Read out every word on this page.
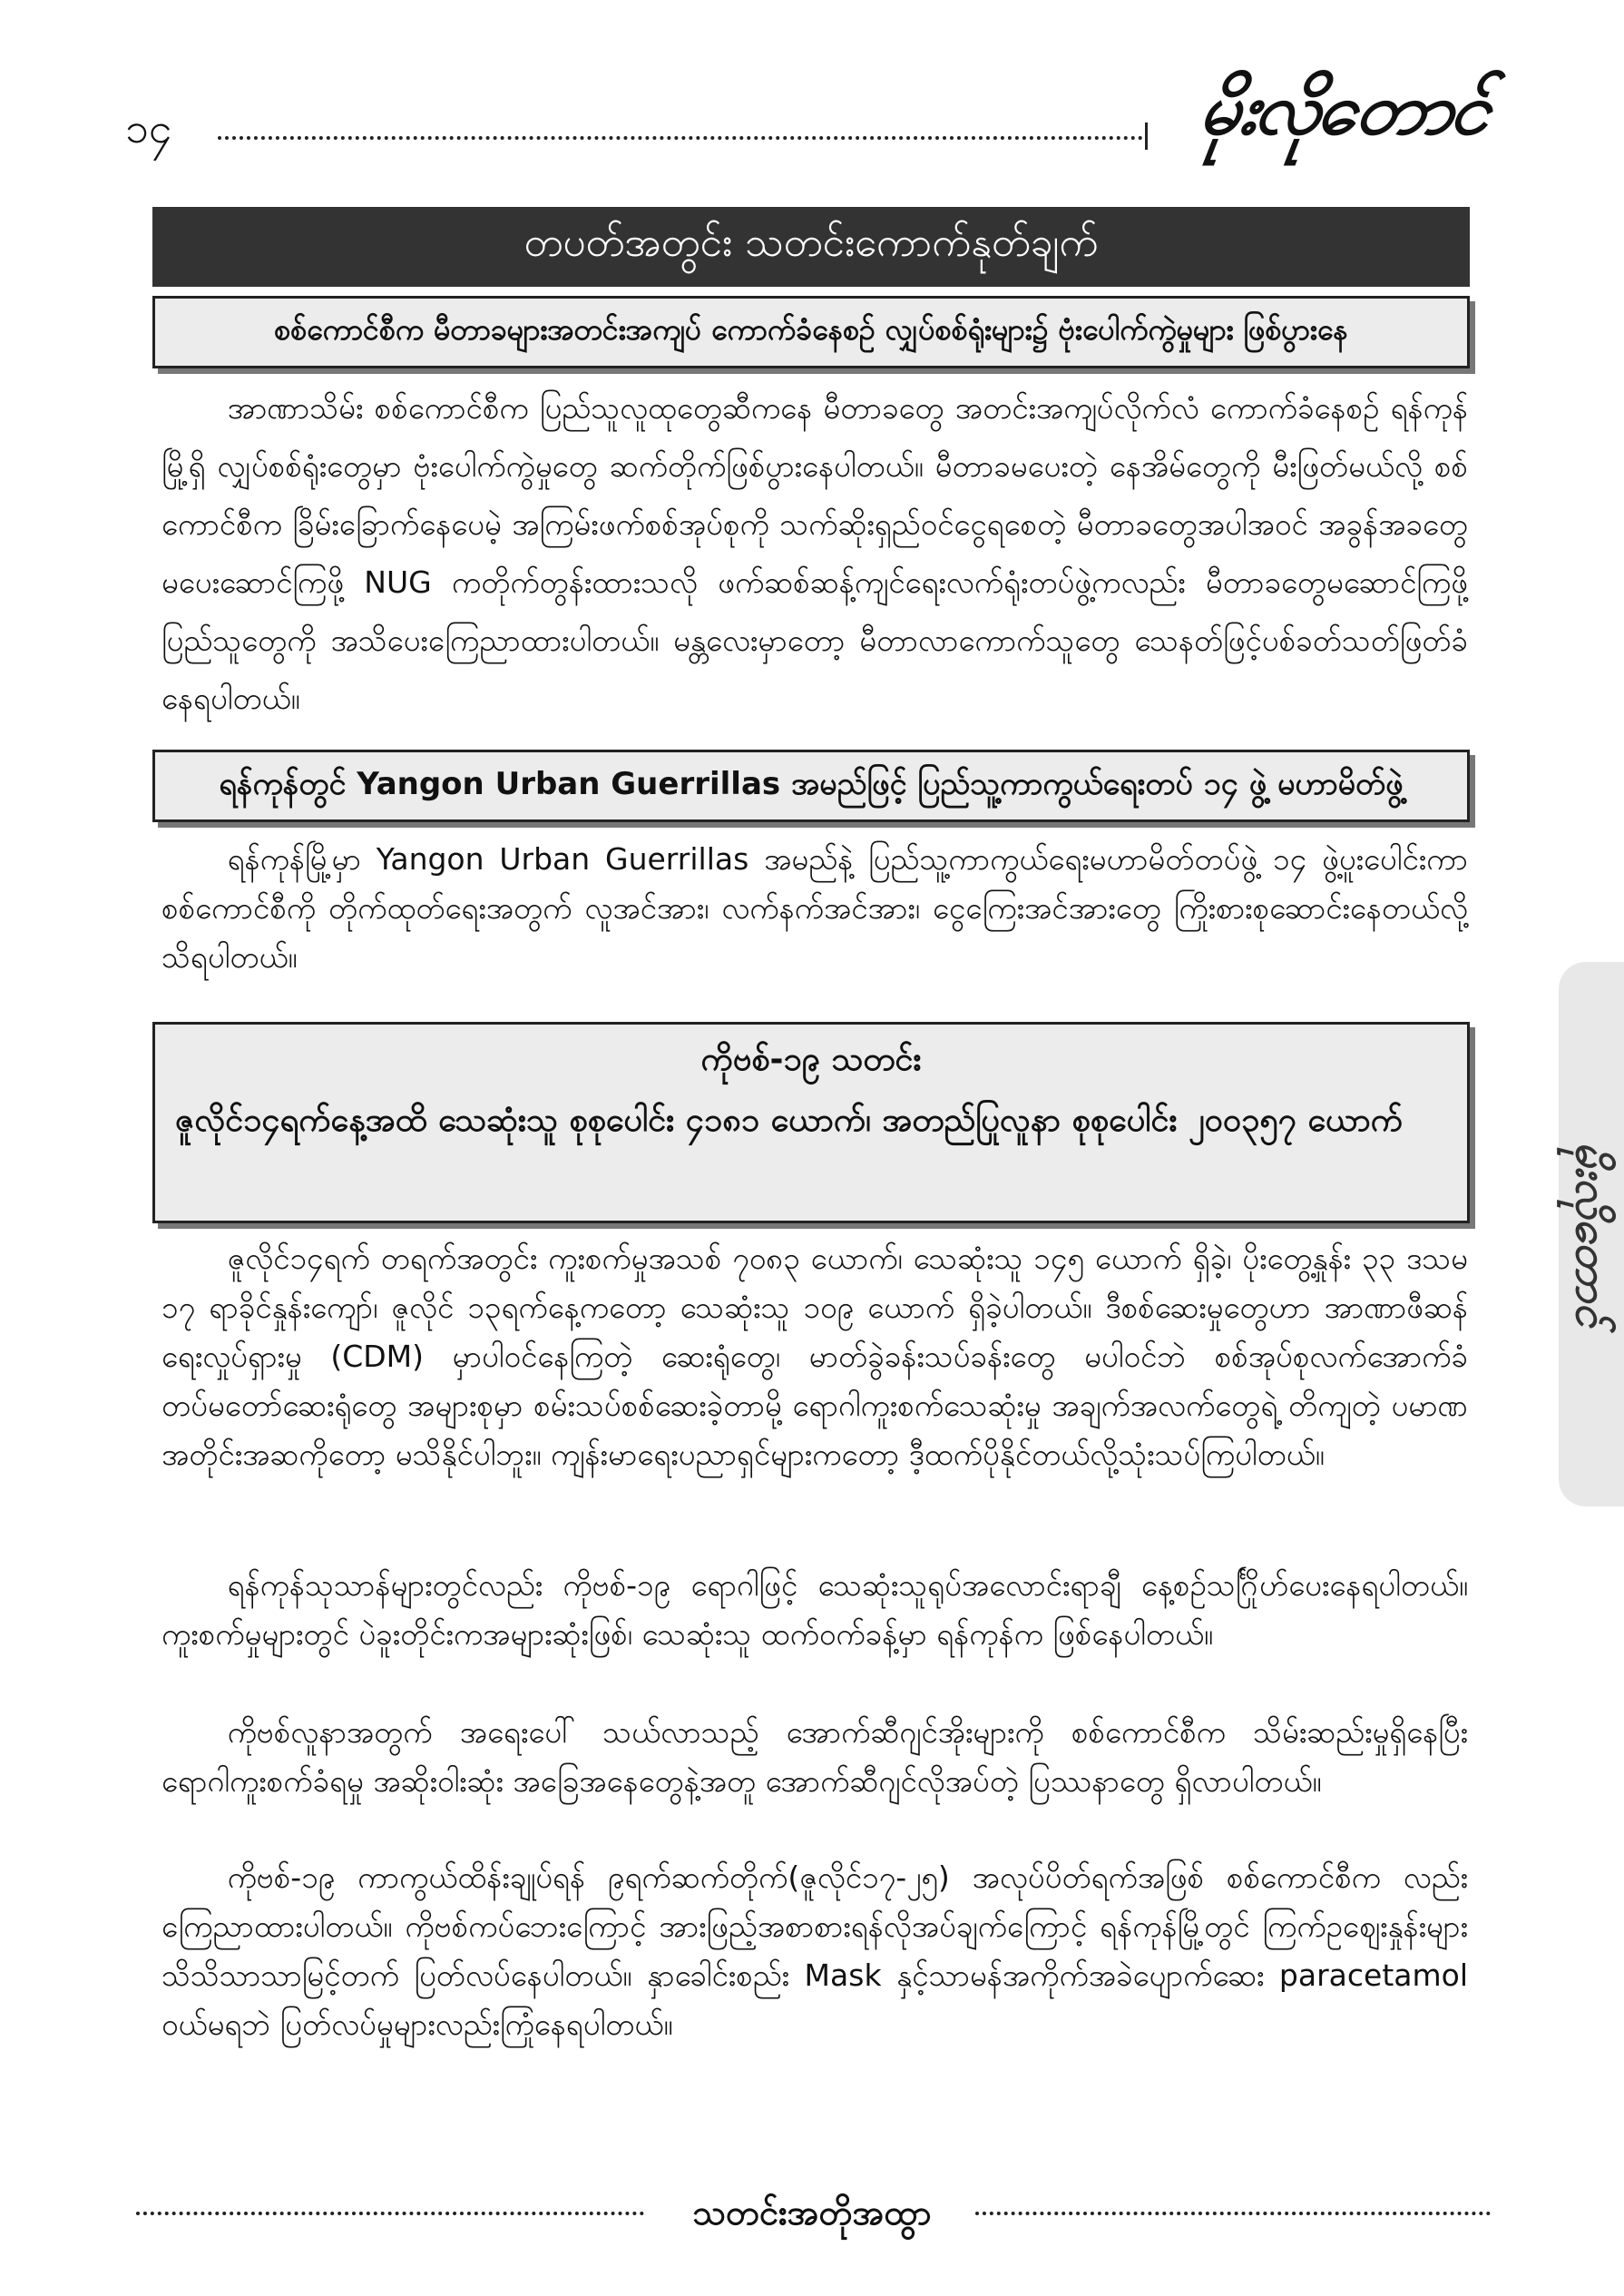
၁၄	မိုးလိုတောင်
တပတ်အတွင်း သတင်းကောက်နုတ်ချက်
စစ်ကောင်စီက မီတာခများအတင်းအကျပ် ကောက်ခံနေစဉ် လျှပ်စစ်ရုံးများ၌ ဗုံးပေါက်ကွဲမှုများ ဖြစ်ပွားနေ

အာဏာသိမ်း စစ်ကောင်စီက ပြည်သူလူထုတွေဆီကနေ မီတာခတွေ အတင်းအကျပ်လိုက်လံ ကောက်ခံနေစဉ် ရန်ကုန်မြို့ရှိ လျှပ်စစ်ရုံးတွေမှာ ဗုံးပေါက်ကွဲမှုတွေ ဆက်တိုက်ဖြစ်ပွားနေပါတယ်။ မီတာခမပေးတဲ့ နေအိမ်တွေကို မီးဖြတ်မယ်လို့ စစ်ကောင်စီက ခြိမ်းခြောက်နေပေမဲ့ အကြမ်းဖက်စစ်အုပ်စုကို သက်ဆိုးရှည်ဝင်ငွေရစေတဲ့ မီတာခတွေအပါအဝင် အခွန်အခတွေ မပေးဆောင်ကြဖို့ NUG ကတိုက်တွန်းထားသလို ဖက်ဆစ်ဆန့်ကျင်ရေးလက်ရုံးတပ်ဖွဲ့ကလည်း မီတာခတွေမဆောင်ကြဖို့ ပြည်သူတွေကို အသိပေးကြေညာထားပါတယ်။ မန္တလေးမှာတော့ မီတာလာကောက်သူတွေ သေနတ်ဖြင့်ပစ်ခတ်သတ်ဖြတ်ခံနေရပါတယ်။

ရန်ကုန်တွင် Yangon Urban Guerrillas အမည်ဖြင့် ပြည်သူ့ကာကွယ်ရေးတပ် ၁၄ ဖွဲ့ မဟာမိတ်ဖွဲ့

ရန်ကုန်မြို့မှာ Yangon Urban Guerrillas အမည်နဲ့ ပြည်သူ့ကာကွယ်ရေးမဟာမိတ်တပ်ဖွဲ့ ၁၄ ဖွဲ့ပူးပေါင်းကာ စစ်ကောင်စီကို တိုက်ထုတ်ရေးအတွက် လူအင်အား၊ လက်နက်အင်အား၊ ငွေကြေးအင်အားတွေ ကြိုးစားစုဆောင်းနေတယ်လို့ သိရပါတယ်။

ကိုဗစ်-၁၉ သတင်း
ဇူလိုင်၁၄ရက်နေ့အထိ သေဆုံးသူ စုစုပေါင်း ၄၁၈၁ ယောက်၊ အတည်ပြုလူနာ စုစုပေါင်း ၂၀၀၃၅၇ ယောက်

ဇူလိုင်၁၄ရက် တရက်အတွင်း ကူးစက်မှုအသစ် ၇၀၈၃ ယောက်၊ သေဆုံးသူ ၁၄၅ ယောက် ရှိခဲ့၊ ပိုးတွေ့နှုန်း ၃၃ ဒသမ ၁၇ ရာခိုင်နှုန်းကျော်၊ ဇူလိုင် ၁၃ရက်နေ့ကတော့ သေဆုံးသူ ၁၀၉ ယောက် ရှိခဲ့ပါတယ်။ ဒီစစ်ဆေးမှုတွေဟာ အာဏာဖီဆန်ရေးလှုပ်ရှားမှု (CDM) မှာပါဝင်နေကြတဲ့ ဆေးရုံတွေ၊ မာတ်ခွဲခန်းသပ်ခန်းတွေ မပါဝင်ဘဲ စစ်အုပ်စုလက်အောက်ခံ တပ်မတော်ဆေးရုံတွေ အများစုမှာ စမ်းသပ်စစ်ဆေးခဲ့တာမို့ ရောဂါကူးစက်သေဆုံးမှု အချက်အလက်တွေရဲ့ တိကျတဲ့ ပမာဏအတိုင်းအဆကိုတော့ မသိနိုင်ပါဘူး။ ကျန်းမာရေးပညာရှင်များကတော့ ဒီ့ထက်ပိုနိုင်တယ်လို့သုံးသပ်ကြပါတယ်။

ရန်ကုန်သုသာန်များတွင်လည်း ကိုဗစ်-၁၉ ရောဂါဖြင့် သေဆုံးသူရုပ်အလောင်းရာချီ နေ့စဉ်သင်္ဂြိုဟ်ပေးနေရပါတယ်။ ကူးစက်မှုများတွင် ပဲခူးတိုင်းကအများဆုံးဖြစ်၊ သေဆုံးသူ ထက်ဝက်ခန့်မှာ ရန်ကုန်က ဖြစ်နေပါတယ်။

ကိုဗစ်လူနာအတွက် အရေးပေါ် သယ်လာသည့် အောက်ဆီဂျင်အိုးများကို စစ်ကောင်စီက သိမ်းဆည်းမှုရှိနေပြီး ရောဂါကူးစက်ခံရမှု အဆိုးဝါးဆုံး အခြေအနေတွေနဲ့အတူ အောက်ဆီဂျင်လိုအပ်တဲ့ ပြဿနာတွေ ရှိလာပါတယ်။

ကိုဗစ်-၁၉ ကာကွယ်ထိန်းချုပ်ရန် ၉ရက်ဆက်တိုက်(ဇူလိုင်၁၇-၂၅) အလုပ်ပိတ်ရက်အဖြစ် စစ်ကောင်စီက လည်းကြေညာထားပါတယ်။ ကိုဗစ်ကပ်ဘေးကြောင့် အားဖြည့်အစာစားရန်လိုအပ်ချက်ကြောင့် ရန်ကုန်မြို့တွင် ကြက်ဥဈေးနှုန်းများ သိသိသာသာမြင့်တက် ပြတ်လပ်နေပါတယ်။ နှာခေါင်းစည်း Mask နှင့်သာမန်အကိုက်အခဲပျောက်ဆေး paracetamol ဝယ်မရဘဲ ပြတ်လပ်မှုများလည်းကြုံနေရပါတယ်။

သတင်းအတိုအထွာ
မိုးလိုတောင်
